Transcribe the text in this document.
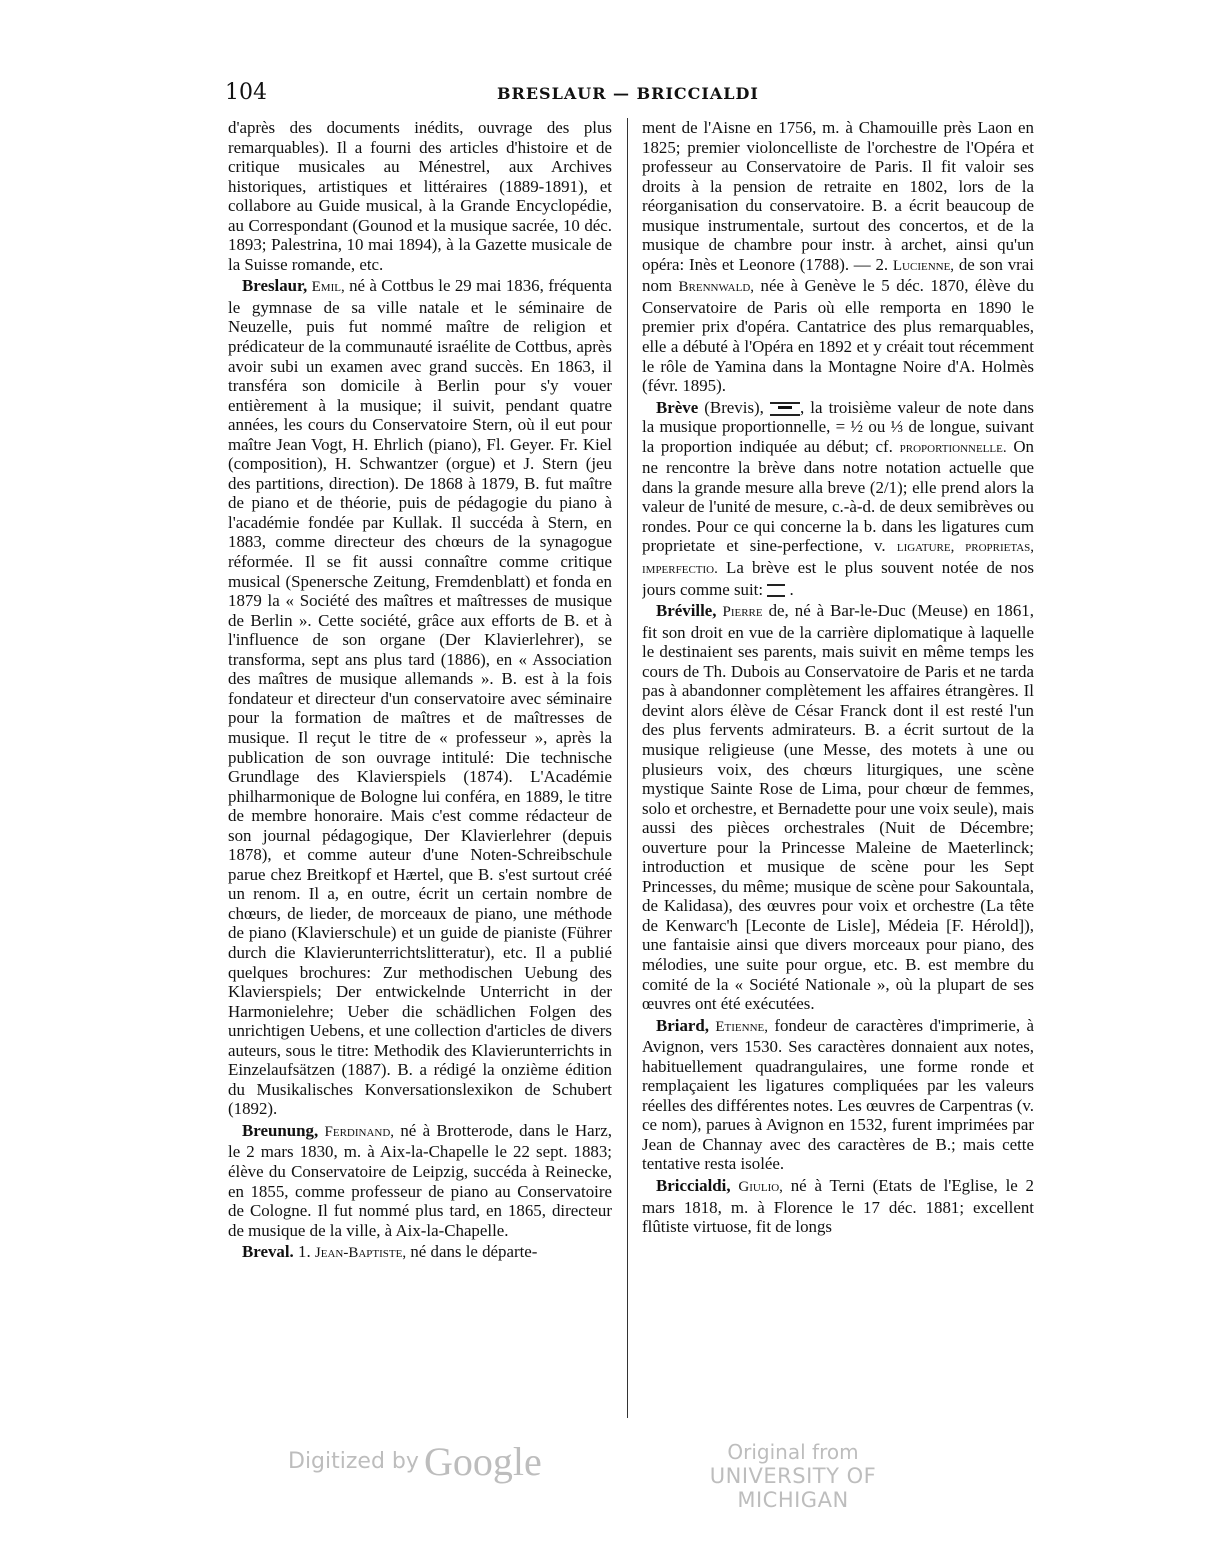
104	BRESLAUR — BRICCIALDI

d'après des documents inédits, ouvrage des plus remarquables). Il a fourni des articles d'histoire et de critique musicales au Ménestrel, aux Archives historiques, artistiques et littéraires (1889-1891), et collabore au Guide musical, à la Grande Encyclopédie, au Correspondant (Gounod et la musique sacrée, 10 déc. 1893; Palestrina, 10 mai 1894), à la Gazette musicale de la Suisse romande, etc.

Breslaur, Emil, né à Cottbus le 29 mai 1836, fréquenta le gymnase de sa ville natale et le séminaire de Neuzelle, puis fut nommé maître de religion et prédicateur de la communauté israélite de Cottbus, après avoir subi un examen avec grand succès. En 1863, il transféra son domicile à Berlin pour s'y vouer entièrement à la musique; il suivit, pendant quatre années, les cours du Conservatoire Stern, où il eut pour maître Jean Vogt, H. Ehrlich (piano), Fl. Geyer. Fr. Kiel (composition), H. Schwantzer (orgue) et J. Stern (jeu des partitions, direction). De 1868 à 1879, B. fut maître de piano et de théorie, puis de pédagogie du piano à l'académie fondée par Kullak. Il succéda à Stern, en 1883, comme directeur des chœurs de la synagogue réformée. Il se fit aussi connaître comme critique musical (Spenersche Zeitung, Fremdenblatt) et fonda en 1879 la « Société des maîtres et maîtresses de musique de Berlin ». Cette société, grâce aux efforts de B. et à l'influence de son organe (Der Klavierlehrer), se transforma, sept ans plus tard (1886), en « Association des maîtres de musique allemands ». B. est à la fois fondateur et directeur d'un conservatoire avec séminaire pour la formation de maîtres et de maîtresses de musique. Il reçut le titre de « professeur », après la publication de son ouvrage intitulé: Die technische Grundlage des Klavierspiels (1874). L'Académie philharmonique de Bologne lui conféra, en 1889, le titre de membre honoraire. Mais c'est comme rédacteur de son journal pédagogique, Der Klavierlehrer (depuis 1878), et comme auteur d'une Noten-Schreibschule parue chez Breitkopf et Hærtel, que B. s'est surtout créé un renom. Il a, en outre, écrit un certain nombre de chœurs, de lieder, de morceaux de piano, une méthode de piano (Klavierschule) et un guide de pianiste (Führer durch die Klavierunterrichtslitteratur), etc. Il a publié quelques brochures: Zur methodischen Uebung des Klavierspiels; Der entwickelnde Unterricht in der Harmonielehre; Ueber die schädlichen Folgen des unrichtigen Uebens, et une collection d'articles de divers auteurs, sous le titre: Methodik des Klavierunterrichts in Einzelaufsätzen (1887). B. a rédigé la onzième édition du Musikalisches Konversationslexikon de Schubert (1892).

Breunung, Ferdinand, né à Brotterode, dans le Harz, le 2 mars 1830, m. à Aix-la-Chapelle le 22 sept. 1883; élève du Conservatoire de Leipzig, succéda à Reinecke, en 1855, comme professeur de piano au Conservatoire de Cologne. Il fut nommé plus tard, en 1865, directeur de musique de la ville, à Aix-la-Chapelle.

Breval. 1. Jean-Baptiste, né dans le départe-

ment de l'Aisne en 1756, m. à Chamouille près Laon en 1825; premier violoncelliste de l'orchestre de l'Opéra et professeur au Conservatoire de Paris. Il fit valoir ses droits à la pension de retraite en 1802, lors de la réorganisation du conservatoire. B. a écrit beaucoup de musique instrumentale, surtout des concertos, et de la musique de chambre pour instr. à archet, ainsi qu'un opéra: Inès et Leonore (1788). — 2. Lucienne, de son vrai nom Brennwald, née à Genève le 5 déc. 1870, élève du Conservatoire de Paris où elle remporta en 1890 le premier prix d'opéra. Cantatrice des plus remarquables, elle a débuté à l'Opéra en 1892 et y créait tout récemment le rôle de Yamina dans la Montagne Noire d'A. Holmès (févr. 1895).

Brève (Brevis), , la troisième valeur de note dans la musique proportionnelle, = ½ ou ⅓ de longue, suivant la proportion indiquée au début; cf. proportionnelle. On ne rencontre la brève dans notre notation actuelle que dans la grande mesure alla breve (2/1); elle prend alors la valeur de l'unité de mesure, c.-à-d. de deux semibrèves ou rondes. Pour ce qui concerne la b. dans les ligatures cum proprietate et sine-perfectione, v. ligature, proprietas, imperfectio. La brève est le plus souvent notée de nos jours comme suit:  .

Bréville, Pierre de, né à Bar-le-Duc (Meuse) en 1861, fit son droit en vue de la carrière diplomatique à laquelle le destinaient ses parents, mais suivit en même temps les cours de Th. Dubois au Conservatoire de Paris et ne tarda pas à abandonner complètement les affaires étrangères. Il devint alors élève de César Franck dont il est resté l'un des plus fervents admirateurs. B. a écrit surtout de la musique religieuse (une Messe, des motets à une ou plusieurs voix, des chœurs liturgiques, une scène mystique Sainte Rose de Lima, pour chœur de femmes, solo et orchestre, et Bernadette pour une voix seule), mais aussi des pièces orchestrales (Nuit de Décembre; ouverture pour la Princesse Maleine de Maeterlinck; introduction et musique de scène pour les Sept Princesses, du même; musique de scène pour Sakountala, de Kalidasa), des œuvres pour voix et orchestre (La tête de Kenwarc'h [Leconte de Lisle], Médeia [F. Hérold]), une fantaisie ainsi que divers morceaux pour piano, des mélodies, une suite pour orgue, etc. B. est membre du comité de la « Société Nationale », où la plupart de ses œuvres ont été exécutées.

Briard, Etienne, fondeur de caractères d'imprimerie, à Avignon, vers 1530. Ses caractères donnaient aux notes, habituellement quadrangulaires, une forme ronde et remplaçaient les ligatures compliquées par les valeurs réelles des différentes notes. Les œuvres de Carpentras (v. ce nom), parues à Avignon en 1532, furent imprimées par Jean de Channay avec des caractères de B.; mais cette tentative resta isolée.

Briccialdi, Giulio, né à Terni (Etats de l'Eglise, le 2 mars 1818, m. à Florence le 17 déc. 1881; excellent flûtiste virtuose, fit de longs

Digitized by Google	Original from
UNIVERSITY OF MICHIGAN
